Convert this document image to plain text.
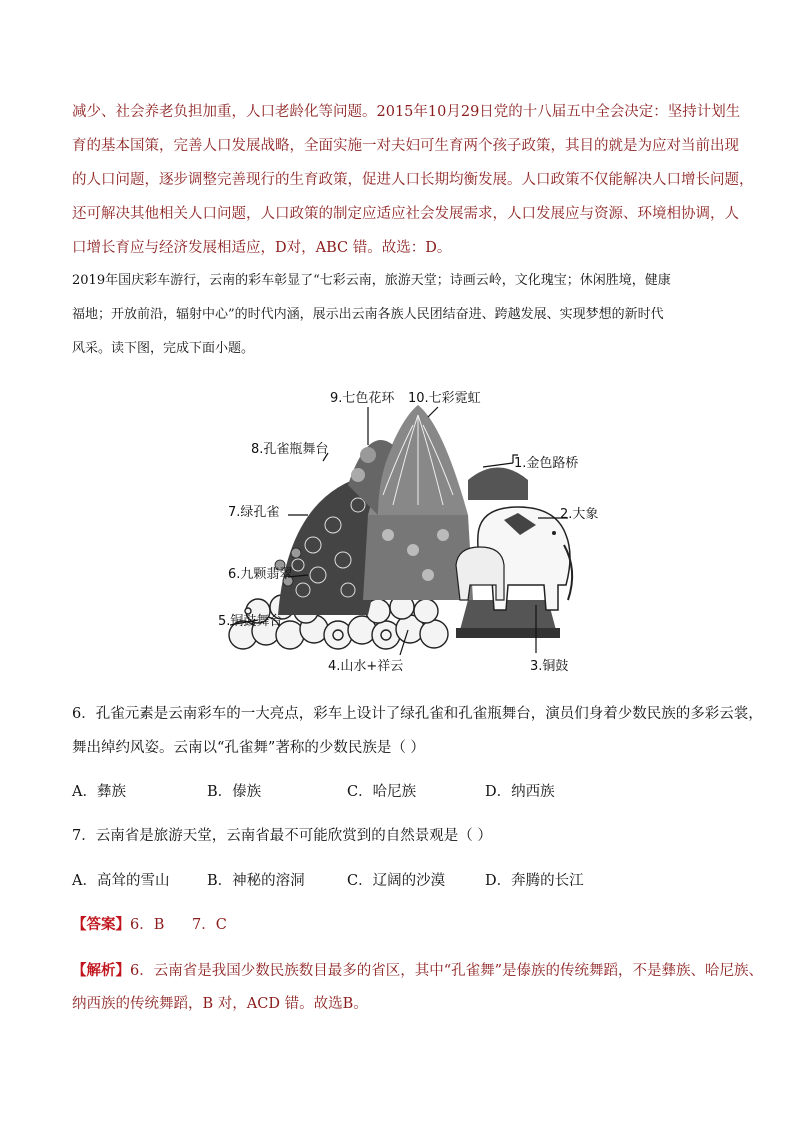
减少、社会养老负担加重，人口老龄化等问题。2015年10月29日党的十八届五中全会决定：坚持计划生
育的基本国策，完善人口发展战略，全面实施一对夫妇可生育两个孩子政策，其目的就是为应对当前出现
的人口问题，逐步调整完善现行的生育政策，促进人口长期均衡发展。人口政策不仅能解决人口增长问题，
还可解决其他相关人口问题，人口政策的制定应适应社会发展需求，人口发展应与资源、环境相协调，人
口增长育应与经济发展相适应，D对，ABC 错。故选：D。
2019年国庆彩车游行，云南的彩车彰显了“七彩云南，旅游天堂；诗画云岭，文化瑰宝；休闲胜境，健康
福地；开放前沿，辐射中心”的时代内涵，展示出云南各族人民团结奋进、跨越发展、实现梦想的新时代
风采。读下图，完成下面小题。
9.七色花环 10.七彩霓虹
8.孔雀瓶舞台
1.金色路桥
7.绿孔雀	2.大象
6.九颗翡翠
5.铜鼓舞台
4.山水+祥云	3.铜鼓
6．孔雀元素是云南彩车的一大亮点，彩车上设计了绿孔雀和孔雀瓶舞台，演员们身着少数民族的多彩云裳，
舞出绰约风姿。云南以“孔雀舞”著称的少数民族是（ ）
A．彝族	B．傣族	C．哈尼族	D．纳西族
7．云南省是旅游天堂，云南省最不可能欣赏到的自然景观是（ ）
A．高耸的雪山	B．神秘的溶洞	C．辽阔的沙漠	D．奔腾的长江
【答案】6．B      7．C
【解析】6．云南省是我国少数民族数目最多的省区，其中“孔雀舞”是傣族的传统舞蹈，不是彝族、哈尼族、
纳西族的传统舞蹈，B 对，ACD 错。故选B。
